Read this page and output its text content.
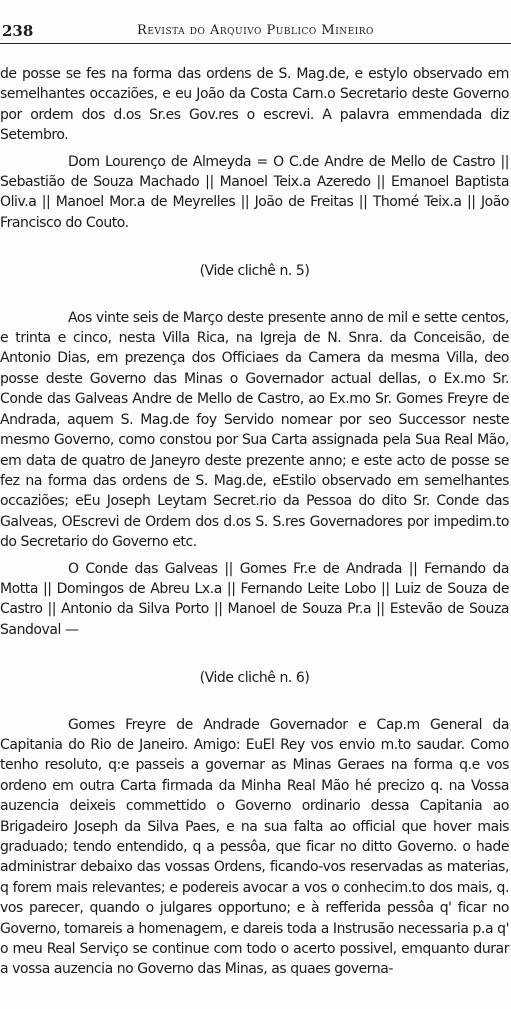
238	Revista do Arquivo Publico Mineiro

de posse se fes na forma das ordens de S. Mag.de, e estylo observado em semelhantes occaziões, e eu João da Costa Carn.o Secretario deste Governo por ordem dos d.os Sr.es Gov.res o escrevi. A palavra emmendada diz Setembro.

Dom Lourenço de Almeyda = O C.de Andre de Mello de Castro || Sebastião de Souza Machado || Manoel Teix.a Azeredo || Emanoel Baptista Oliv.a || Manoel Mor.a de Meyrelles || João de Freitas || Thomé Teix.a || João Francisco do Couto.

(Vide clichê n. 5)

Aos vinte seis de Março deste presente anno de mil e sette centos, e trinta e cinco, nesta Villa Rica, na Igreja de N. Snra. da Conceisão, de Antonio Dias, em prezença dos Officiaes da Camera da mesma Villa, deo posse deste Governo das Minas o Governador actual dellas, o Ex.mo Sr. Conde das Galveas Andre de Mello de Castro, ao Ex.mo Sr. Gomes Freyre de Andrada, aquem S. Mag.de foy Servido nomear por seo Successor neste mesmo Governo, como constou por Sua Carta assignada pela Sua Real Mão, em data de quatro de Janeyro deste prezente anno; e este acto de posse se fez na forma das ordens de S. Mag.de, eEstilo observado em semelhantes occaziões; eEu Joseph Leytam Secret.rio da Pessoa do dito Sr. Conde das Galveas, OEscrevi de Ordem dos d.os S. S.res Governadores por impedim.to do Secretario do Governo etc.

O Conde das Galveas || Gomes Fr.e de Andrada || Fernando da Motta || Domingos de Abreu Lx.a || Fernando Leite Lobo || Luiz de Souza de Castro || Antonio da Silva Porto || Manoel de Souza Pr.a || Estevão de Souza Sandoval —

(Vide clichê n. 6)

Gomes Freyre de Andrade Governador e Cap.m General da Capitania do Rio de Janeiro. Amigo: EuEl Rey vos envio m.to saudar. Como tenho resoluto, q:e passeis a governar as Minas Geraes na forma q.e vos ordeno em outra Carta firmada da Minha Real Mão hé precizo q. na Vossa auzencia deixeis commettido o Governo ordinario dessa Capitania ao Brigadeiro Joseph da Silva Paes, e na sua falta ao official que hover mais graduado; tendo entendido, q a pessôa, que ficar no ditto Governo. o hade administrar debaixo das vossas Ordens, ficando-vos reservadas as materias, q forem mais relevantes; e podereis avocar a vos o conhecim.to dos mais, q. vos parecer, quando o julgares opportuno; e à refferida pessôa q' ficar no Governo, tomareis a homenagem, e dareis toda a Instrusão necessaria p.a q' o meu Real Serviço se continue com todo o acerto possivel, emquanto durar a vossa auzencia no Governo das Minas, as quaes governa-
